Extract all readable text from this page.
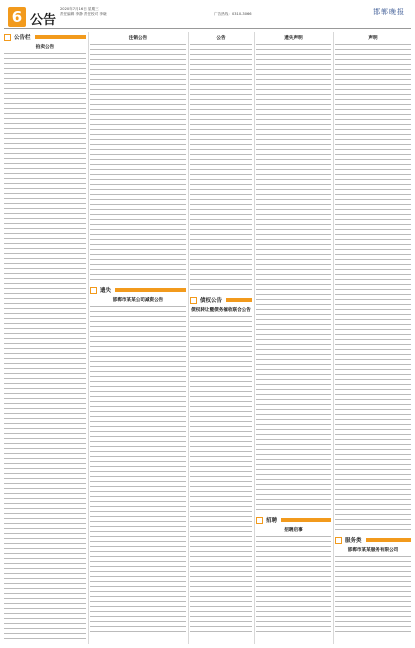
6 公告
2020年7月16日 星期三
责任编辑 李静 责任校对 李晓	广告热线：0310-3066	邯郸晚报
公告栏
拍卖公告
注销公告
遗失
邯郸市某某公司减资公告
公告
债权公告
债权转让暨债务催收联合公告
遗失声明
招聘
招聘启事
声明
服务类
邯郸市某某服务有限公司
